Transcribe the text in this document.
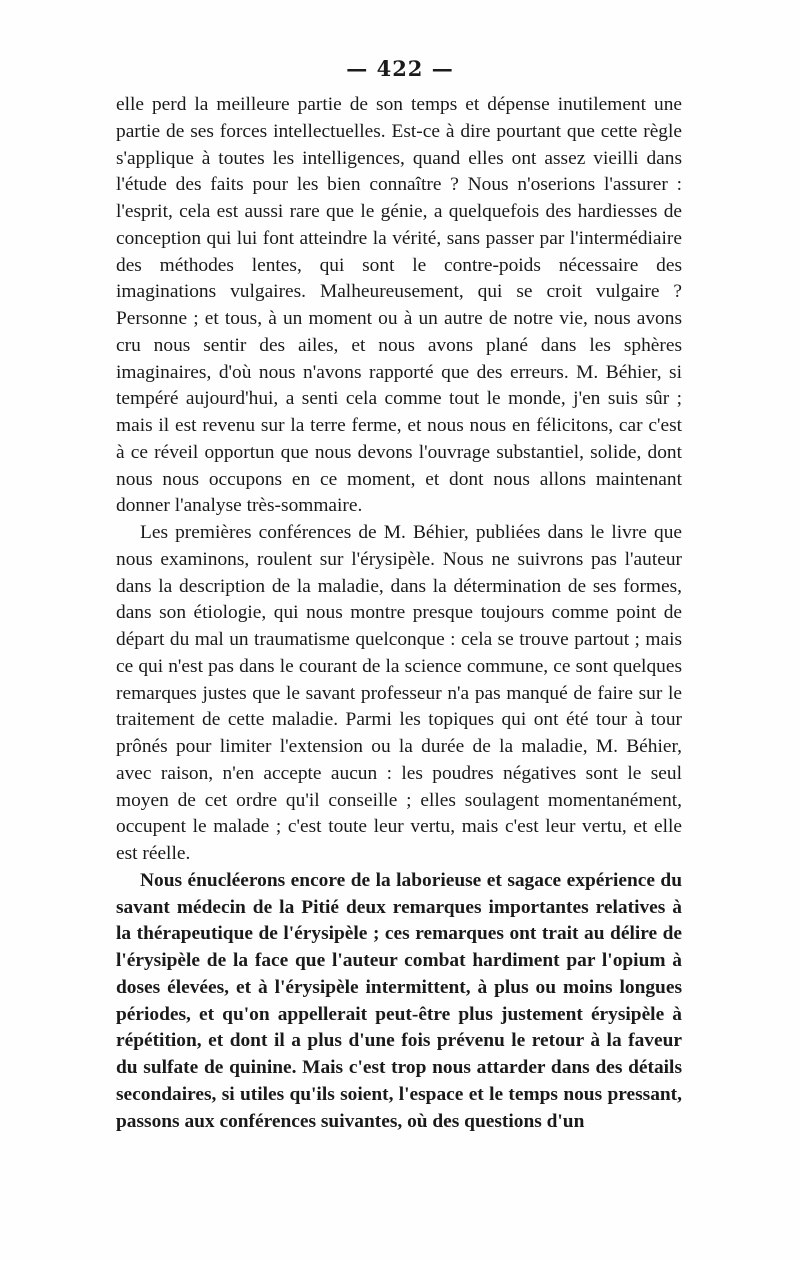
— 422 —

elle perd la meilleure partie de son temps et dépense inutilement une partie de ses forces intellectuelles. Est-ce à dire pourtant que cette règle s'applique à toutes les intelligences, quand elles ont assez vieilli dans l'étude des faits pour les bien connaître ? Nous n'oserions l'assurer : l'esprit, cela est aussi rare que le génie, a quelquefois des hardiesses de conception qui lui font atteindre la vérité, sans passer par l'intermédiaire des méthodes lentes, qui sont le contre-poids nécessaire des imaginations vulgaires. Malheureusement, qui se croit vulgaire ? Personne ; et tous, à un moment ou à un autre de notre vie, nous avons cru nous sentir des ailes, et nous avons plané dans les sphères imaginaires, d'où nous n'avons rapporté que des erreurs. M. Béhier, si tempéré aujourd'hui, a senti cela comme tout le monde, j'en suis sûr ; mais il est revenu sur la terre ferme, et nous nous en félicitons, car c'est à ce réveil opportun que nous devons l'ouvrage substantiel, solide, dont nous nous occupons en ce moment, et dont nous allons maintenant donner l'analyse très-sommaire.

Les premières conférences de M. Béhier, publiées dans le livre que nous examinons, roulent sur l'érysipèle. Nous ne suivrons pas l'auteur dans la description de la maladie, dans la détermination de ses formes, dans son étiologie, qui nous montre presque toujours comme point de départ du mal un traumatisme quelconque : cela se trouve partout ; mais ce qui n'est pas dans le courant de la science commune, ce sont quelques remarques justes que le savant professeur n'a pas manqué de faire sur le traitement de cette maladie. Parmi les topiques qui ont été tour à tour prônés pour limiter l'extension ou la durée de la maladie, M. Béhier, avec raison, n'en accepte aucun : les poudres négatives sont le seul moyen de cet ordre qu'il conseille ; elles soulagent momentanément, occupent le malade ; c'est toute leur vertu, mais c'est leur vertu, et elle est réelle.

Nous énucléerons encore de la laborieuse et sagace expérience du savant médecin de la Pitié deux remarques importantes relatives à la thérapeutique de l'érysipèle ; ces remarques ont trait au délire de l'érysipèle de la face que l'auteur combat hardiment par l'opium à doses élevées, et à l'érysipèle intermittent, à plus ou moins longues périodes, et qu'on appellerait peut-être plus justement érysipèle à répétition, et dont il a plus d'une fois prévenu le retour à la faveur du sulfate de quinine. Mais c'est trop nous attarder dans des détails secondaires, si utiles qu'ils soient, l'espace et le temps nous pressant, passons aux conférences suivantes, où des questions d'un
